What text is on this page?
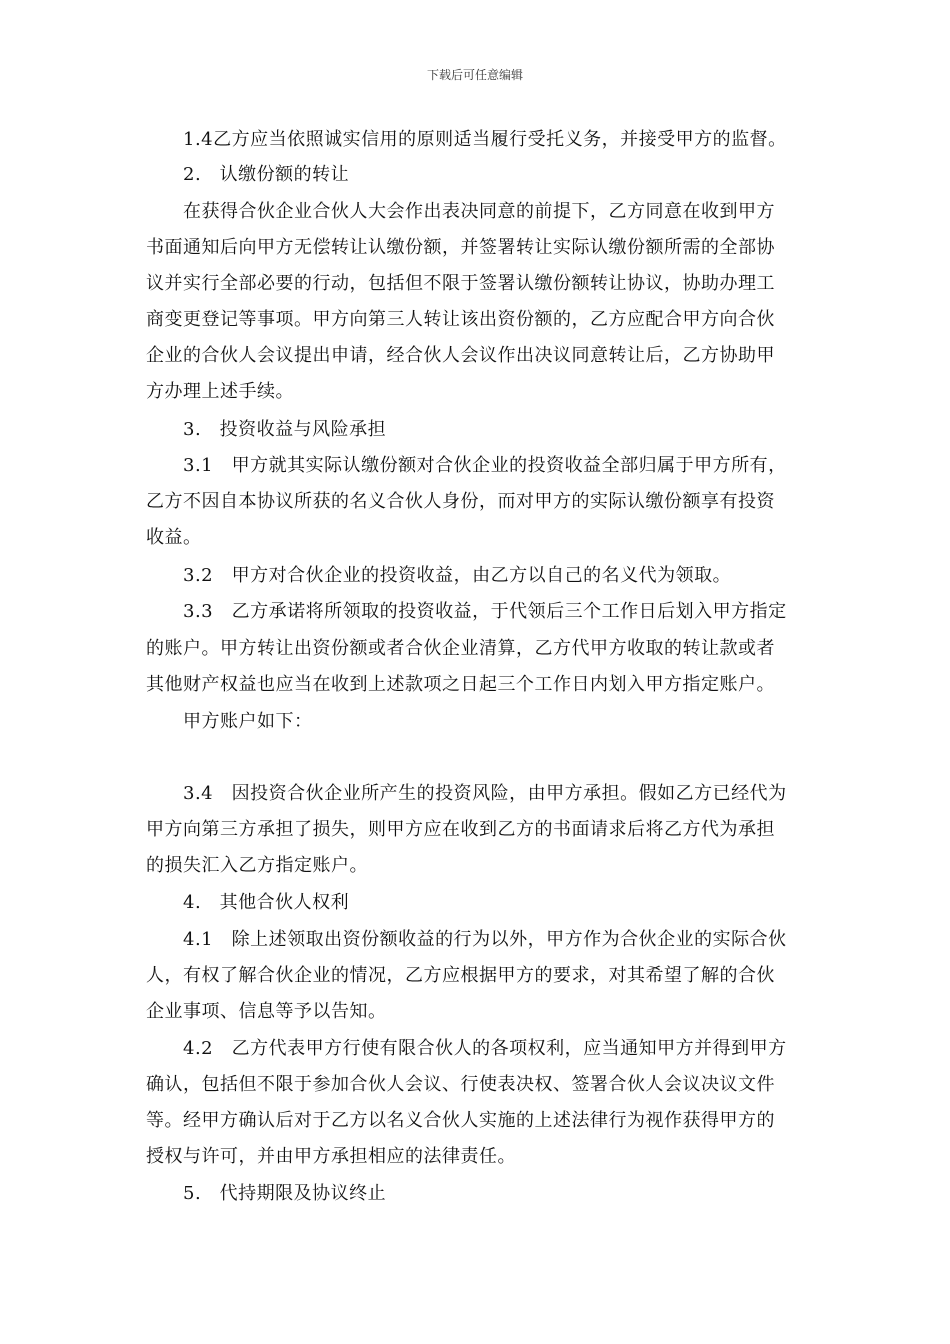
下载后可任意编辑
1.4乙方应当依照诚实信用的原则适当履行受托义务，并接受甲方的监督。
2.　认缴份额的转让
在获得合伙企业合伙人大会作出表决同意的前提下，乙方同意在收到甲方
书面通知后向甲方无偿转让认缴份额，并签署转让实际认缴份额所需的全部协
议并实行全部必要的行动，包括但不限于签署认缴份额转让协议，协助办理工
商变更登记等事项。甲方向第三人转让该出资份额的，乙方应配合甲方向合伙
企业的合伙人会议提出申请，经合伙人会议作出决议同意转让后，乙方协助甲
方办理上述手续。
3.　投资收益与风险承担
3.1　甲方就其实际认缴份额对合伙企业的投资收益全部归属于甲方所有，
乙方不因自本协议所获的名义合伙人身份，而对甲方的实际认缴份额享有投资
收益。
3.2　甲方对合伙企业的投资收益，由乙方以自己的名义代为领取。
3.3　乙方承诺将所领取的投资收益，于代领后三个工作日后划入甲方指定
的账户。甲方转让出资份额或者合伙企业清算，乙方代甲方收取的转让款或者
其他财产权益也应当在收到上述款项之日起三个工作日内划入甲方指定账户。
甲方账户如下：
3.4　因投资合伙企业所产生的投资风险，由甲方承担。假如乙方已经代为
甲方向第三方承担了损失，则甲方应在收到乙方的书面请求后将乙方代为承担
的损失汇入乙方指定账户。
4.　其他合伙人权利
4.1　除上述领取出资份额收益的行为以外，甲方作为合伙企业的实际合伙
人，有权了解合伙企业的情况，乙方应根据甲方的要求，对其希望了解的合伙
企业事项、信息等予以告知。
4.2　乙方代表甲方行使有限合伙人的各项权利，应当通知甲方并得到甲方
确认，包括但不限于参加合伙人会议、行使表决权、签署合伙人会议决议文件
等。经甲方确认后对于乙方以名义合伙人实施的上述法律行为视作获得甲方的
授权与许可，并由甲方承担相应的法律责任。
5.　代持期限及协议终止
